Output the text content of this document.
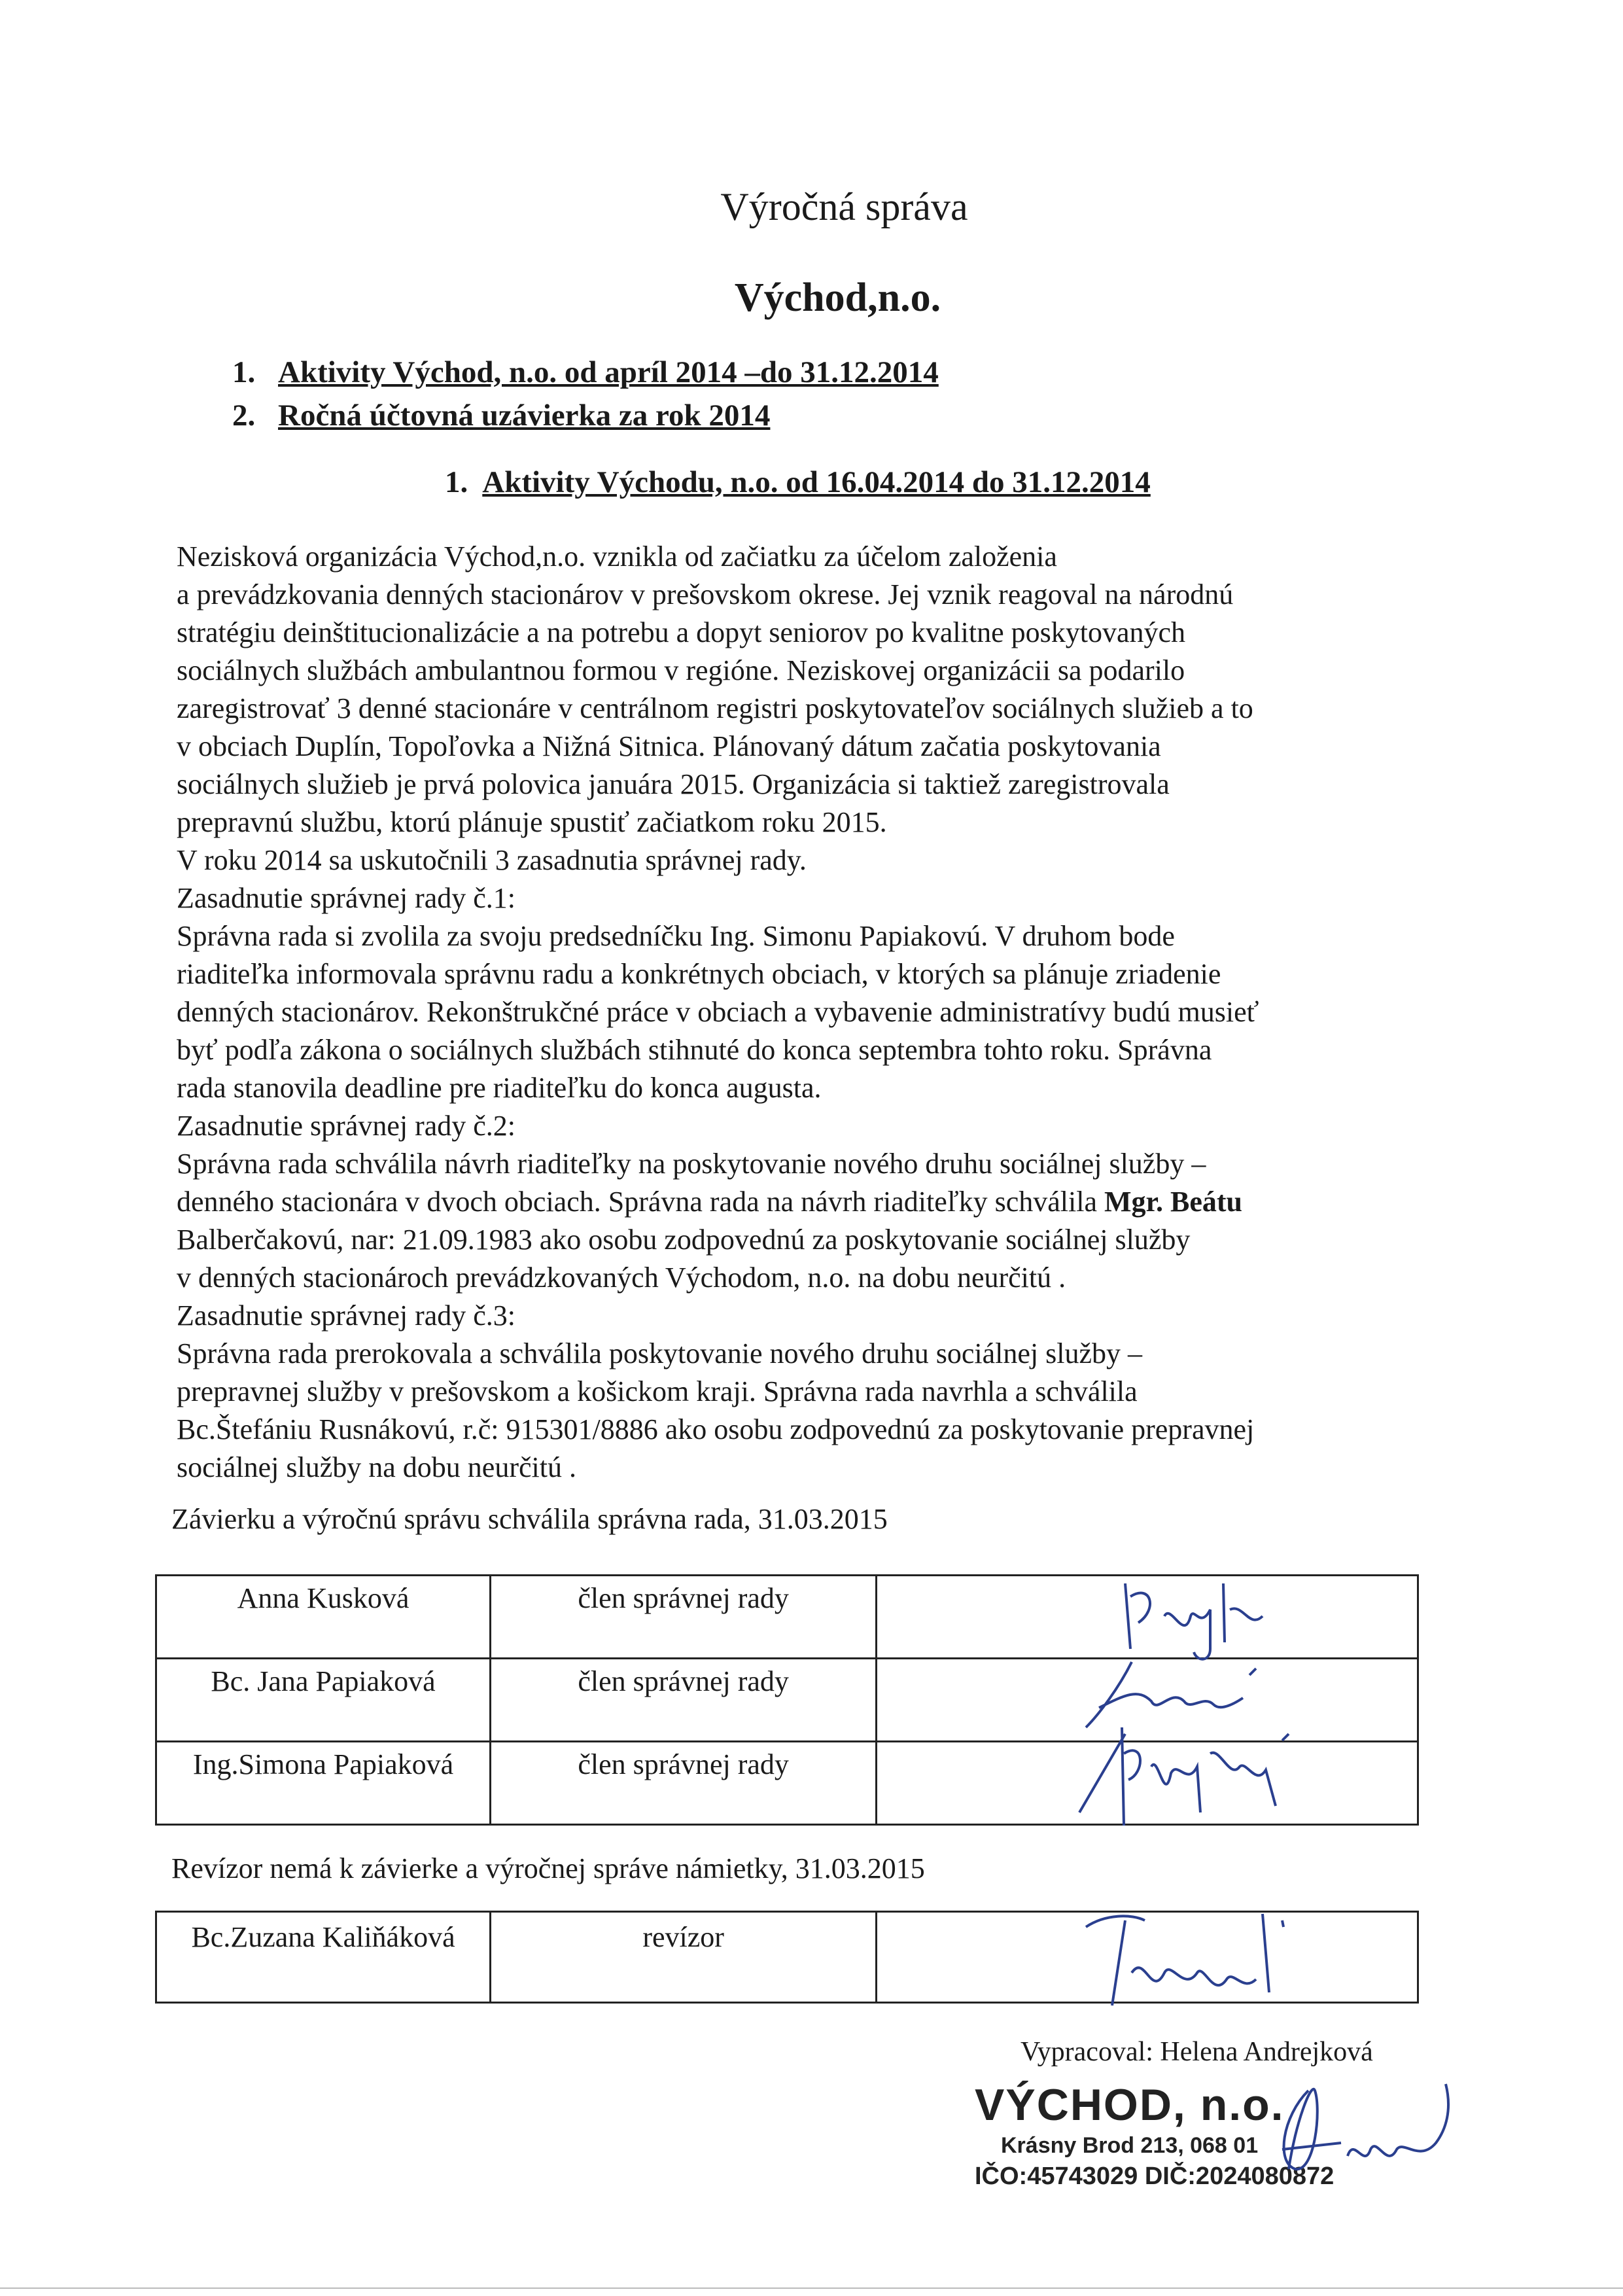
Výročná správa
Východ,n.o.
1. Aktivity Východ, n.o. od apríl 2014 –do 31.12.2014
2. Ročná účtovná uzávierka za rok 2014
1. Aktivity Východu, n.o. od 16.04.2014 do 31.12.2014
Nezisková organizácia Východ,n.o. vznikla od začiatku za účelom založenia
a prevádzkovania denných stacionárov v prešovskom okrese. Jej vznik reagoval na národnú
stratégiu deinštitucionalizácie a na potrebu a dopyt seniorov po kvalitne poskytovaných
sociálnych službách ambulantnou formou v regióne. Neziskovej organizácii sa podarilo
zaregistrovať 3 denné stacionáre v centrálnom registri poskytovateľov sociálnych služieb a to
v obciach Duplín, Topoľovka a Nižná Sitnica. Plánovaný dátum začatia poskytovania
sociálnych služieb je prvá polovica januára 2015. Organizácia si taktiež zaregistrovala
prepravnú službu, ktorú plánuje spustiť začiatkom roku 2015.
V roku 2014 sa uskutočnili 3 zasadnutia správnej rady.
Zasadnutie správnej rady č.1:
Správna rada si zvolila za svoju predsedníčku Ing. Simonu Papiakovú. V druhom bode
riaditeľka informovala správnu radu a konkrétnych obciach, v ktorých sa plánuje zriadenie
denných stacionárov. Rekonštrukčné práce v obciach a vybavenie administratívy budú musieť
byť podľa zákona o sociálnych službách stihnuté do konca septembra tohto roku. Správna
rada stanovila deadline pre riaditeľku do konca augusta.
Zasadnutie správnej rady č.2:
Správna rada schválila návrh riaditeľky na poskytovanie nového druhu sociálnej služby –
denného stacionára v dvoch obciach. Správna rada na návrh riaditeľky schválila Mgr. Beátu
Balberčakovú, nar: 21.09.1983 ako osobu zodpovednú za poskytovanie sociálnej služby
v denných stacionároch prevádzkovaných Východom, n.o. na dobu neurčitú .
Zasadnutie správnej rady č.3:
Správna rada prerokovala a schválila poskytovanie nového druhu sociálnej služby –
prepravnej služby v prešovskom a košickom kraji. Správna rada navrhla a schválila
Bc.Štefániu Rusnákovú, r.č: 915301/8886 ako osobu zodpovednú za poskytovanie prepravnej
sociálnej služby na dobu neurčitú .
Závierku a výročnú správu schválila správna rada, 31.03.2015
Anna Kusková	člen správnej rady	
Bc. Jana Papiaková	člen správnej rady	
Ing.Simona Papiaková	člen správnej rady	
Revízor nemá k závierke a výročnej správe námietky, 31.03.2015
Bc.Zuzana Kaliňáková	revízor	
Vypracoval: Helena Andrejková
VÝCHOD, n.o.
Krásny Brod 213, 068 01
IČO:45743029 DIČ:2024080872
